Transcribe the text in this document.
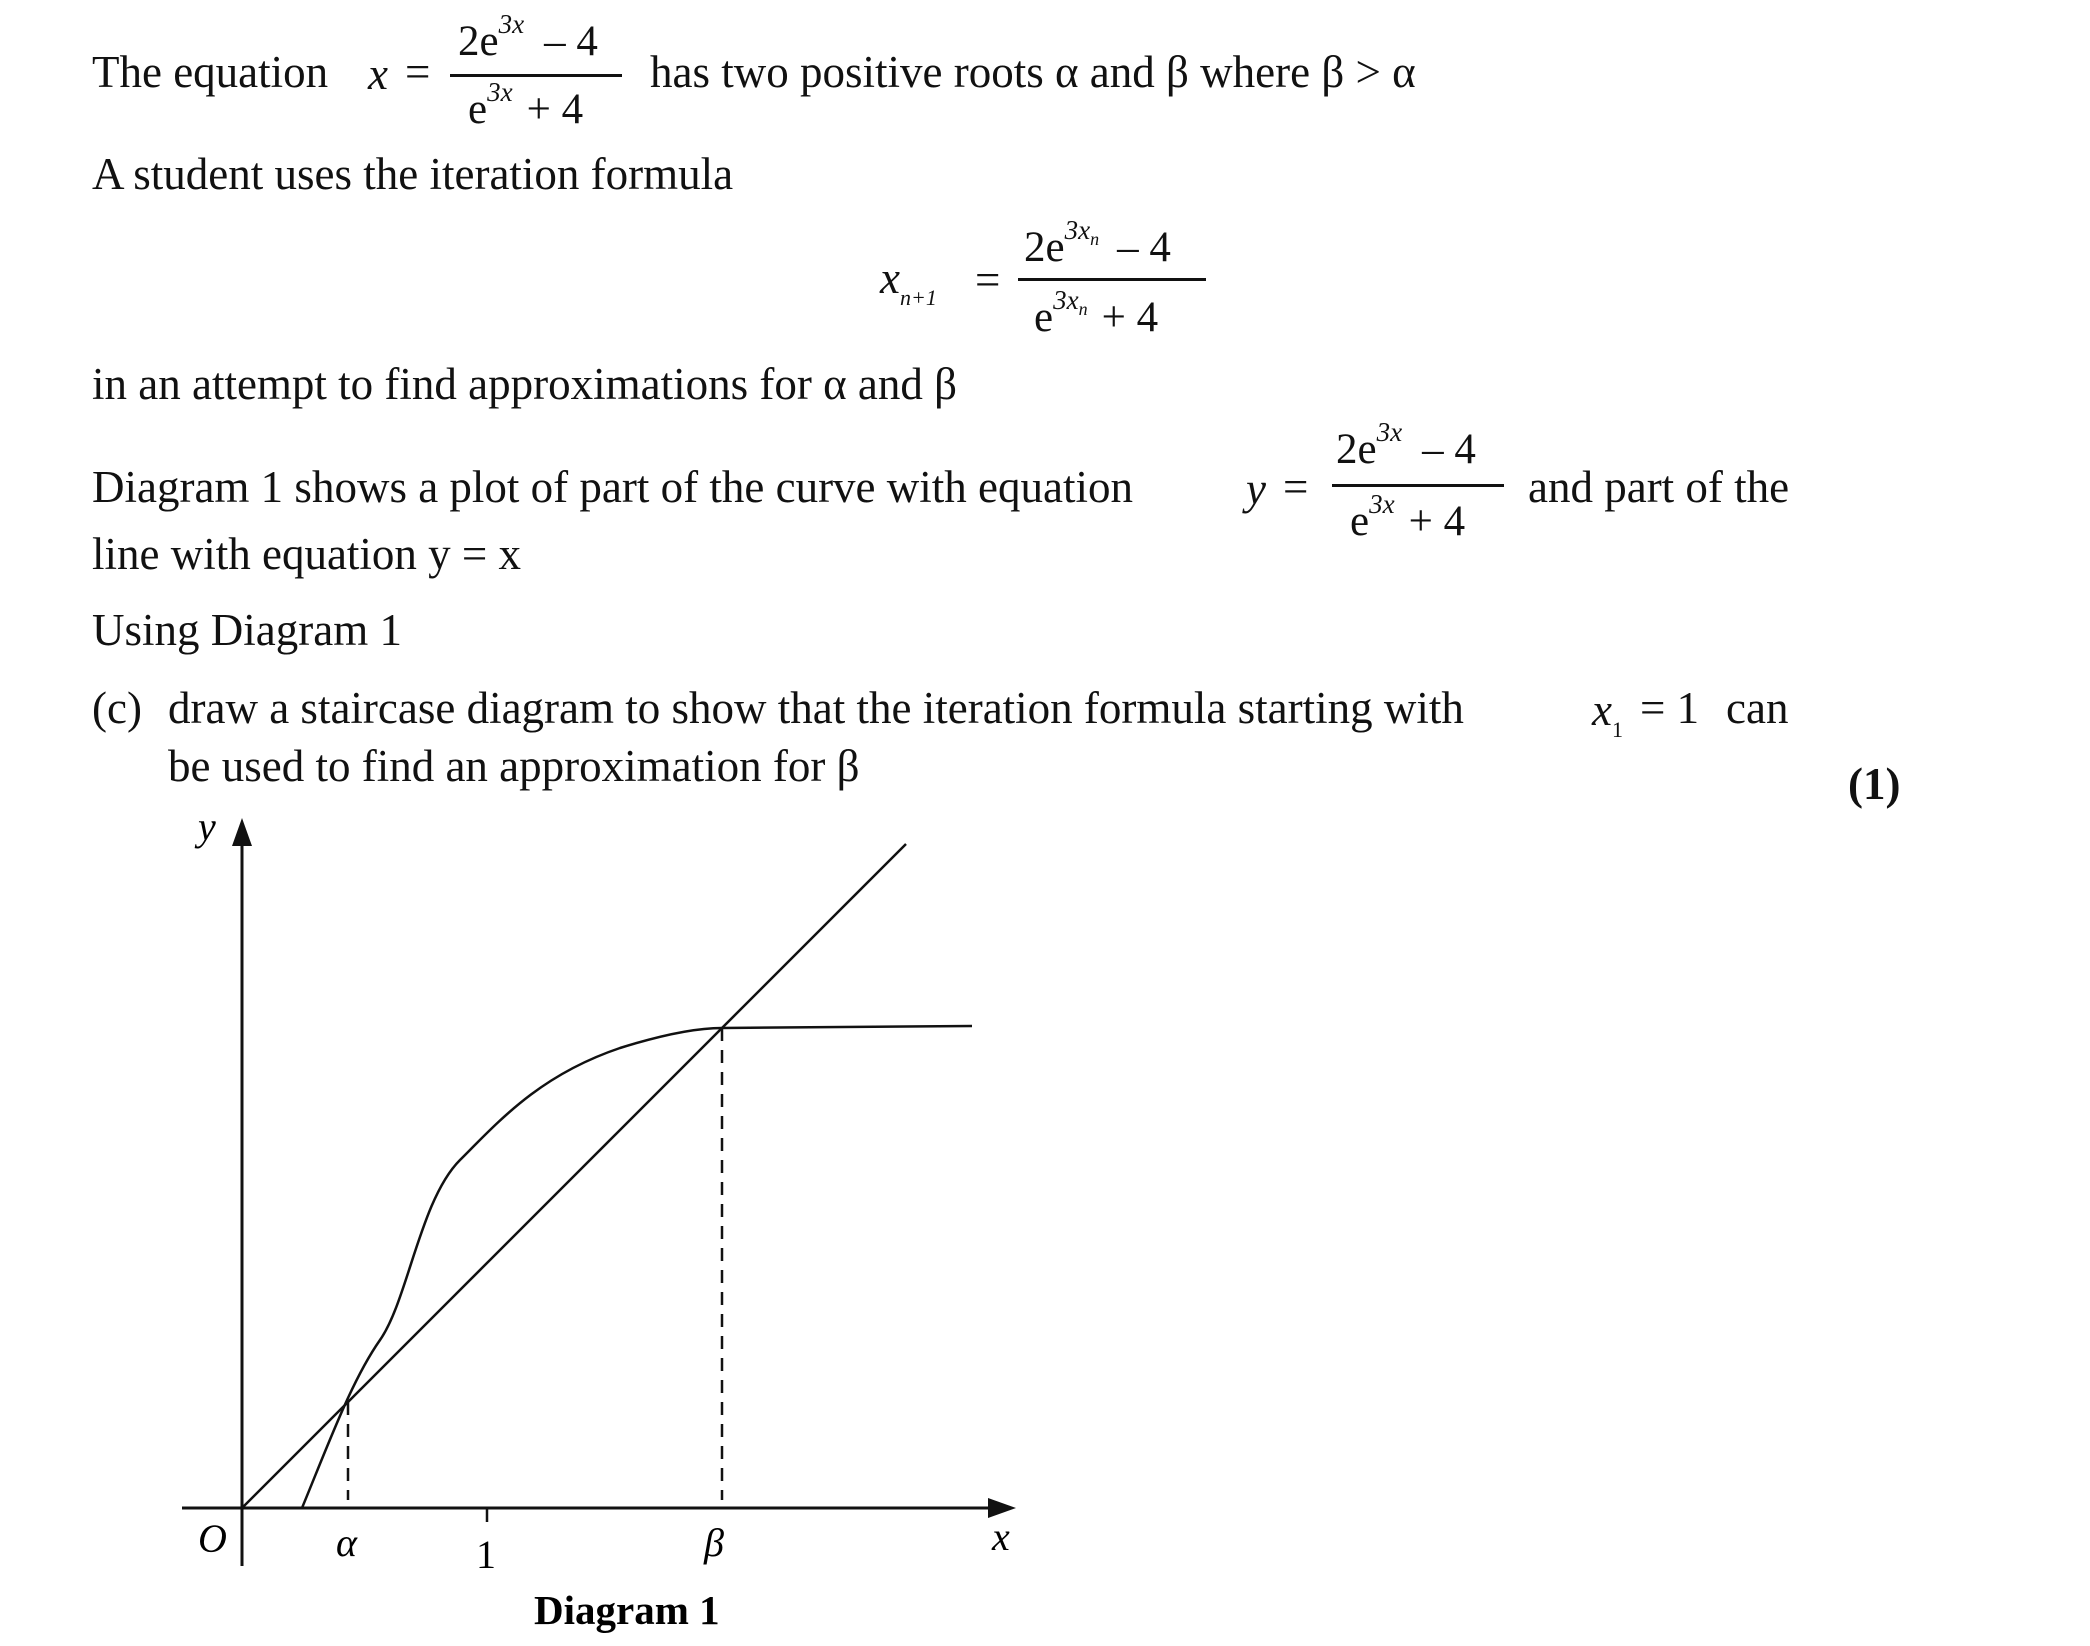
The equation x =
$2e^{3x} - 4$
$e^{3x} + 4$
has two positive roots α and β where β > α
A student uses the iteration formula
$x_{n+1}$ =
$2e^{3x_n} - 4$
$e^{3x_n} + 4$
in an attempt to find approximations for α and β
Diagram 1 shows a plot of part of the curve with equation	y =
$2e^{3x} - 4$
$e^{3x} + 4$
and part of the
line with equation y = x
Using Diagram 1
(c) draw a staircase diagram to show that the iteration formula starting with	$x_1 = 1$ can
be used to find an approximation for β	(1)
y
x
O	α	1	β
Diagram 1
